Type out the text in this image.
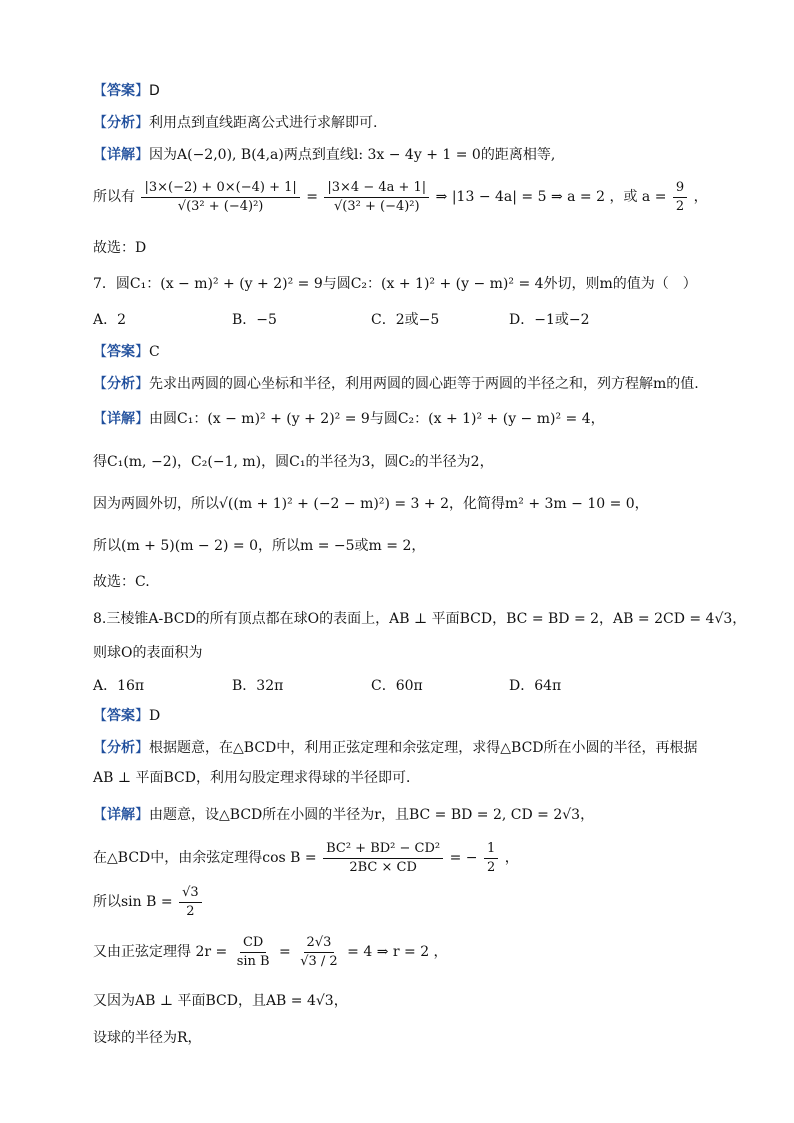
【答案】D
【分析】利用点到直线距离公式进行求解即可.
【详解】因为A(−2,0), B(4,a)两点到直线l: 3x − 4y + 1 = 0的距离相等,
所以有 $\frac{|3\times(-2) + 0\times(-4) + 1|}{\text{√(3² + (−4)²)}} = \frac{|3\times 4 - 4a + 1|}{\text{√(3² + (−4)²)}}$ ⇒ |13 − 4a| = 5 ⇒ a = 2 ，或 $a = \frac{9}{2}$ ，
故选：D
7．圆C₁：(x − m)² + (y + 2)² = 9与圆C₂：(x + 1)² + (y − m)² = 4外切，则m的值为（　）
A．2	B．−5	C．2或−5	D．−1或−2
【答案】C
【分析】先求出两圆的圆心坐标和半径，利用两圆的圆心距等于两圆的半径之和，列方程解m的值.
【详解】由圆C₁：(x − m)² + (y + 2)² = 9与圆C₂：(x + 1)² + (y − m)² = 4，
得C₁(m, −2)，C₂(−1, m)，圆C₁的半径为3，圆C₂的半径为2，
因为两圆外切，所以√((m + 1)² + (−2 − m)²) = 3 + 2，化简得m² + 3m − 10 = 0，
所以(m + 5)(m − 2) = 0，所以m = −5或m = 2，
故选：C.
8.三棱锥A-BCD的所有顶点都在球O的表面上，AB ⊥ 平面BCD，BC = BD = 2，AB = 2CD = 4√3，
则球O的表面积为
A．16π	B．32π	C．60π	D．64π
【答案】D
【分析】根据题意，在△BCD中，利用正弦定理和余弦定理，求得△BCD所在小圆的半径，再根据
AB ⊥ 平面BCD，利用勾股定理求得球的半径即可．
【详解】由题意，设△BCD所在小圆的半径为r，且BC = BD = 2, CD = 2√3，
在△BCD中，由余弦定理得$\cos B = \frac{\text{BC² + BD² − CD²}}{2BC \times CD}$ = − $\frac{1}{2}$ ，
所以$\sin B = \frac{√3}{2}$
又由正弦定理得 $2r = \frac{CD}{\text{sin B}} = \frac{2√3}{√3 / 2} = 4$ ⇒ r = 2 ，
又因为AB ⊥ 平面BCD，且AB = 4√3，
设球的半径为R，
